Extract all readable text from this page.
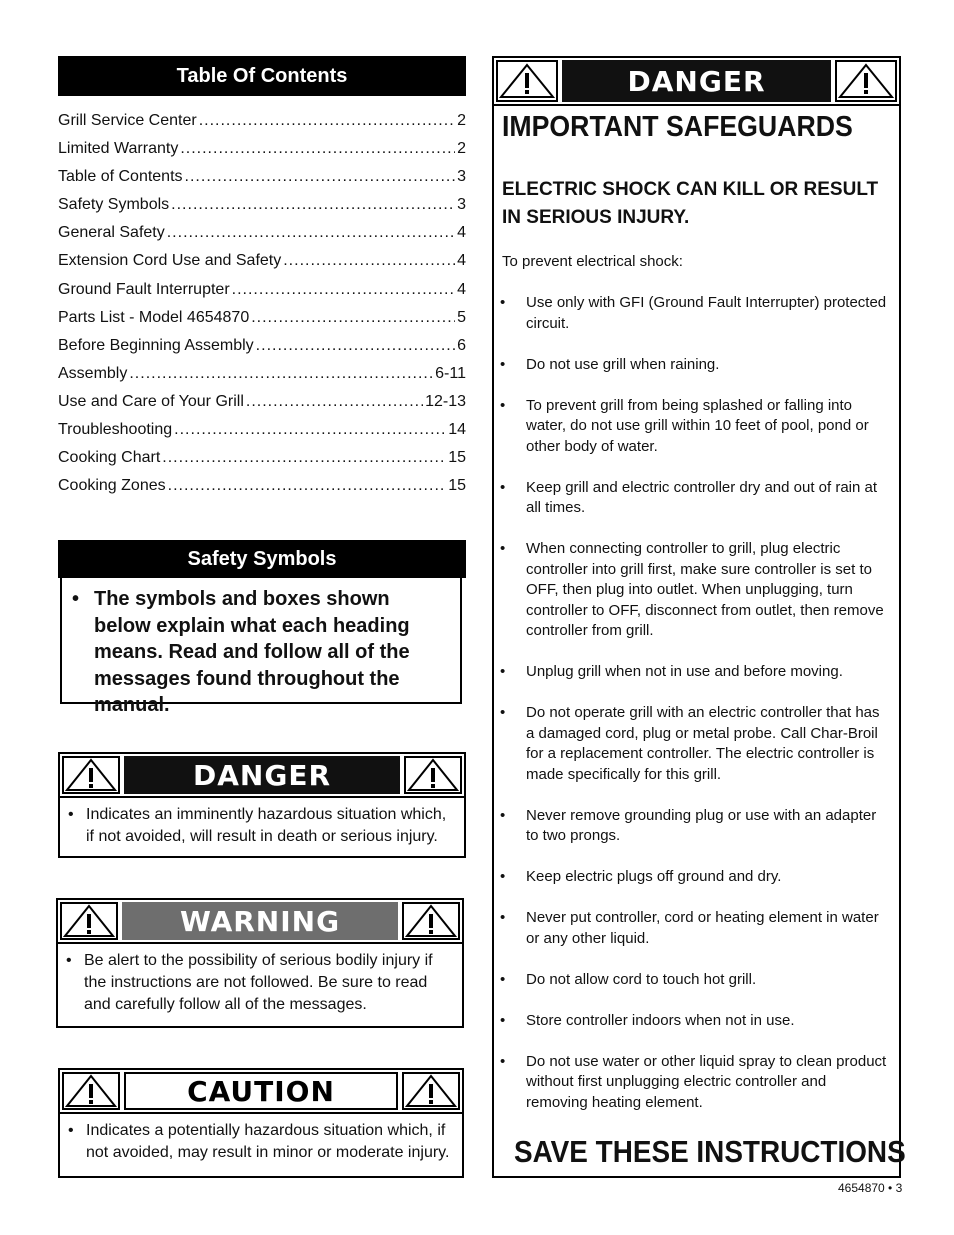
Table Of Contents
Grill Service Center .....	2
Limited Warranty .....	2
Table of Contents .....	3
Safety Symbols .....	3
General Safety .....	4
Extension Cord Use and Safety .....	4
Ground Fault Interrupter .....	4
Parts List - Model 4654870 .....	5
Before Beginning Assembly .....	6
Assembly .....	6-11
Use and Care of Your Grill .....	12-13
Troubleshooting .....	14
Cooking Chart .....	15
Cooking Zones .....	15
Safety Symbols
• The symbols and boxes shown below explain what each heading means. Read and follow all of the messages found throughout the manual.
DANGER
• Indicates an imminently hazardous situation which, if not avoided, will result in death or serious injury.
WARNING
• Be alert to the possibility of serious bodily injury if the instructions are not followed. Be sure to read and carefully follow all of the messages.
CAUTION
• Indicates a potentially hazardous situation which, if not avoided, may result in minor or moderate injury.
DANGER
IMPORTANT SAFEGUARDS
ELECTRIC SHOCK CAN KILL OR RESULT IN SERIOUS INJURY.
To prevent electrical shock:
•	Use only with GFI (Ground Fault Interrupter) protected circuit.
•	Do not use grill when raining.
•	To prevent grill from being splashed or falling into water, do not use grill within 10 feet of pool, pond or other body of water.
•	Keep grill and electric controller dry and out of rain at all times.
•	When connecting controller to grill, plug electric controller into grill first, make sure controller is set to OFF, then plug into outlet. When unplugging, turn controller to OFF, disconnect from outlet, then remove controller from grill.
•	Unplug grill when not in use and before moving.
•	Do not operate grill with an electric controller that has a damaged cord, plug or metal probe. Call Char-Broil for a replacement controller. The electric controller is made specifically for this grill.
•	Never remove grounding plug or use with an adapter to two prongs.
•	Keep electric plugs off ground and dry.
•	Never put controller, cord or heating element in water or any other liquid.
•	Do not allow cord to touch hot grill.
•	Store controller indoors when not in use.
•	Do not use water or other liquid spray to clean product without first unplugging electric controller and removing heating element.
SAVE THESE INSTRUCTIONS
4654870 • 3
